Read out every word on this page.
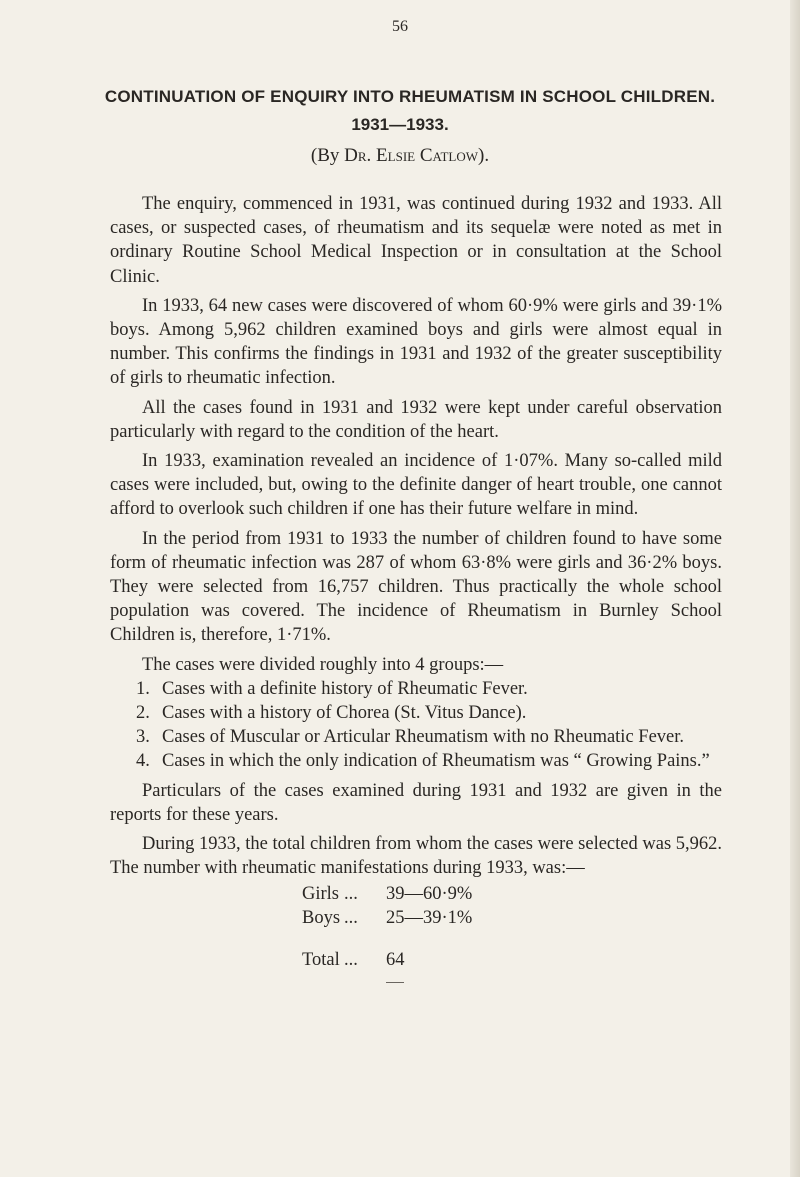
56
CONTINUATION OF ENQUIRY INTO RHEUMATISM IN SCHOOL CHILDREN.
1931—1933.
(By Dr. Elsie Catlow).

The enquiry, commenced in 1931, was continued during 1932 and 1933. All cases, or suspected cases, of rheumatism and its sequelæ were noted as met in ordinary Routine School Medical Inspection or in consultation at the School Clinic.

In 1933, 64 new cases were discovered of whom 60·9% were girls and 39·1% boys. Among 5,962 children examined boys and girls were almost equal in number. This confirms the findings in 1931 and 1932 of the greater susceptibility of girls to rheumatic infection.

All the cases found in 1931 and 1932 were kept under careful observation particularly with regard to the condition of the heart.

In 1933, examination revealed an incidence of 1·07%. Many so-called mild cases were included, but, owing to the definite danger of heart trouble, one cannot afford to overlook such children if one has their future welfare in mind.

In the period from 1931 to 1933 the number of children found to have some form of rheumatic infection was 287 of whom 63·8% were girls and 36·2% boys. They were selected from 16,757 children. Thus practically the whole school population was covered. The incidence of Rheumatism in Burnley School Children is, therefore, 1·71%.

The cases were divided roughly into 4 groups:—

1. Cases with a definite history of Rheumatic Fever.
2. Cases with a history of Chorea (St. Vitus Dance).
3. Cases of Muscular or Articular Rheumatism with no Rheumatic Fever.
4. Cases in which the only indication of Rheumatism was “ Growing Pains.”

Particulars of the cases examined during 1931 and 1932 are given in the reports for these years.

During 1933, the total children from whom the cases were selected was 5,962. The number with rheumatic manifestations during 1933, was:—

Girls ...	39—60·9%
Boys ...	25—39·1%
Total ...	64
